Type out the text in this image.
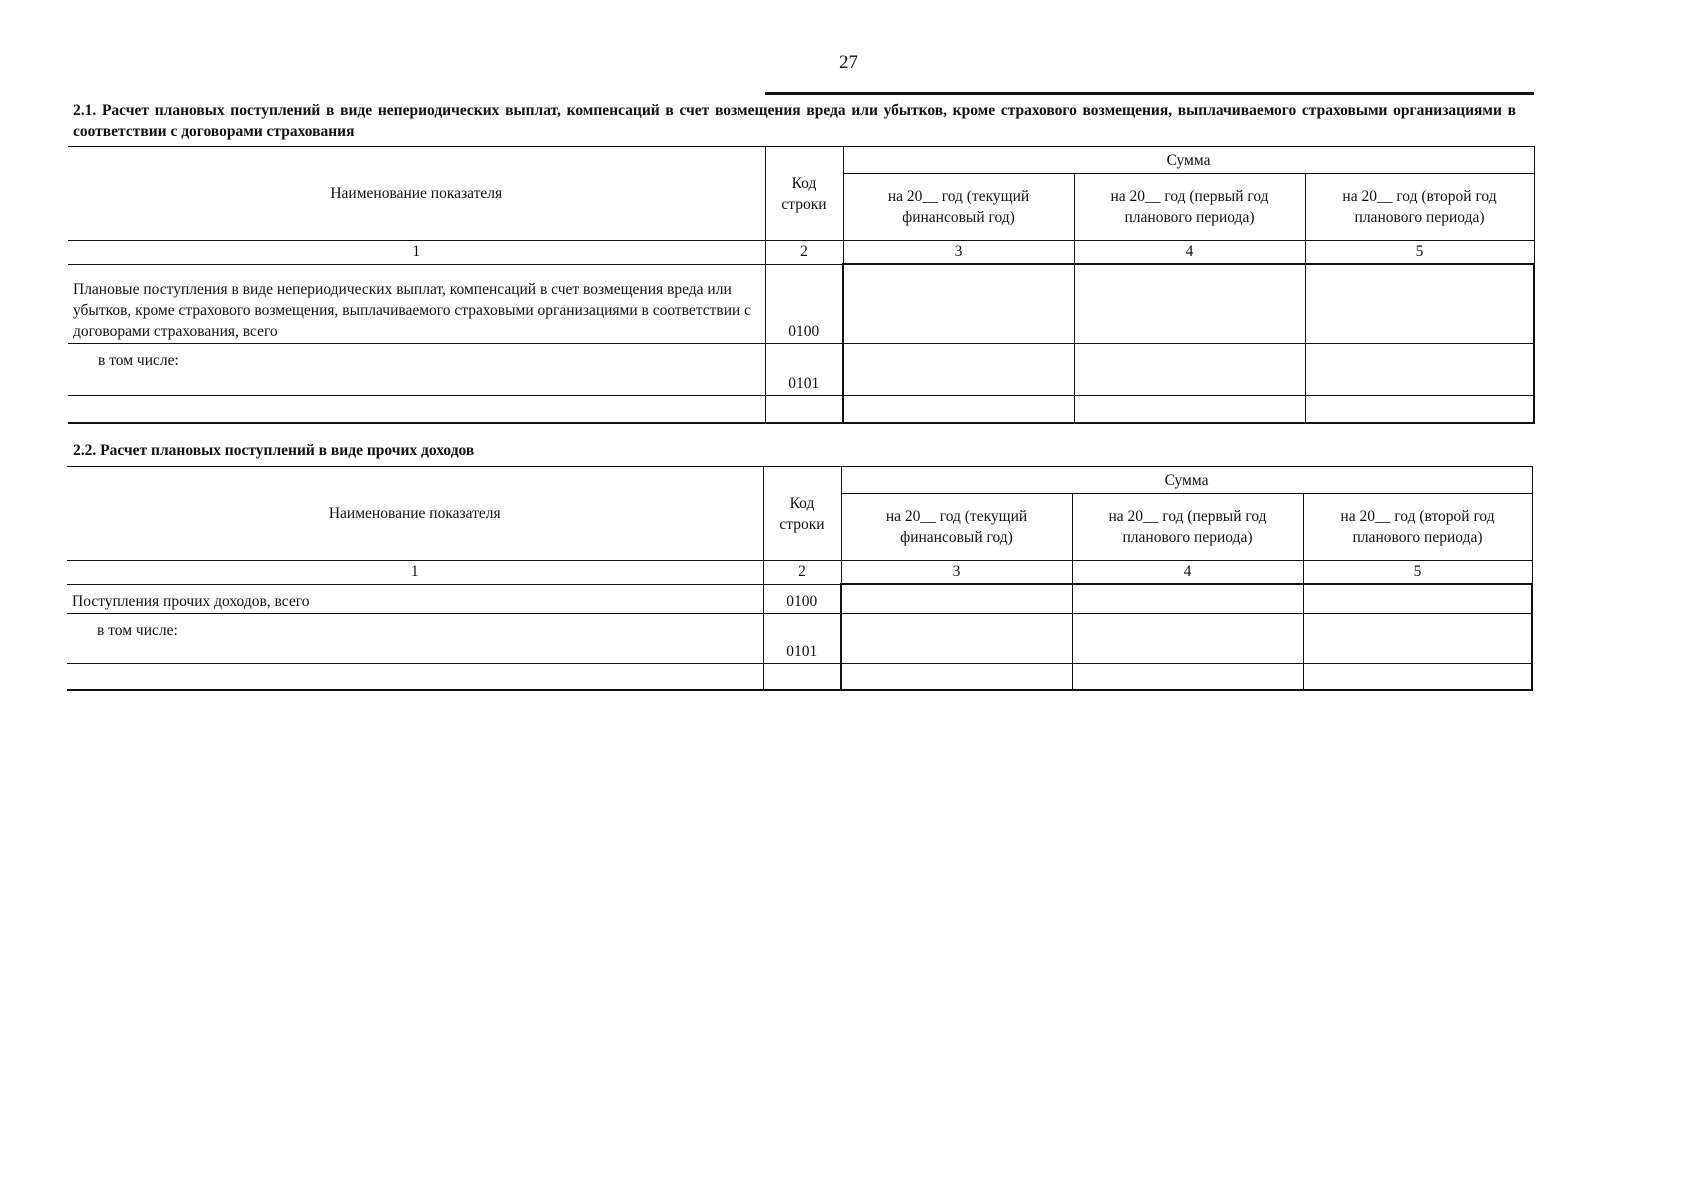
27
2.1. Расчет плановых поступлений в виде непериодических выплат, компенсаций в счет возмещения вреда или убытков, кроме страхового возмещения, выплачиваемого страховыми организациями в соответствии с договорами страхования
Наименование показателя	Код строки	Сумма		
		на 20__ год (текущий финансовый год)	на 20__ год (первый год планового периода)	на 20__ год (второй год планового периода)
1	2	3	4	5
Плановые поступления в виде непериодических выплат, компенсаций в счет возмещения вреда или убытков, кроме страхового возмещения, выплачиваемого страховыми организациями в соответствии с договорами страхования, всего	0100			
в том числе:	0101			

2.2. Расчет плановых поступлений в виде прочих доходов
Наименование показателя	Код строки	Сумма		
		на 20__ год (текущий финансовый год)	на 20__ год (первый год планового периода)	на 20__ год (второй год планового периода)
1	2	3	4	5
Поступления прочих доходов, всего	0100			
в том числе:	0101			
